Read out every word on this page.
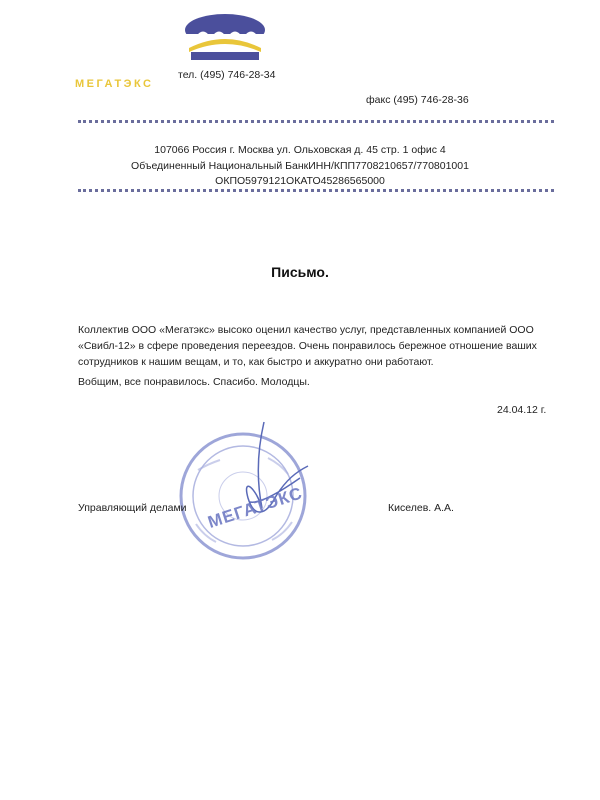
МЕГАТЭКС
тел. (495) 746-28-34
факс (495) 746-28-36
107066 Россия г. Москва ул. Ольховская д. 45 стр. 1 офис 4
Объединенный Национальный БанкИНН/КПП7708210657/770801001
ОКПО5979121ОКАТО45286565000
Письмо.
Коллектив ООО «Мегатэкс» высоко оценил качество услуг, представленных компанией ООО «Свибл-12» в сфере проведения переездов. Очень понравилось бережное отношение ваших сотрудников к нашим вещам, и то, как быстро и аккуратно они работают.
Вобщим, все понравилось. Спасибо. Молодцы.
24.04.12 г.
МЕГАТЭКС
Управляющий делами	Киселев. А.А.
